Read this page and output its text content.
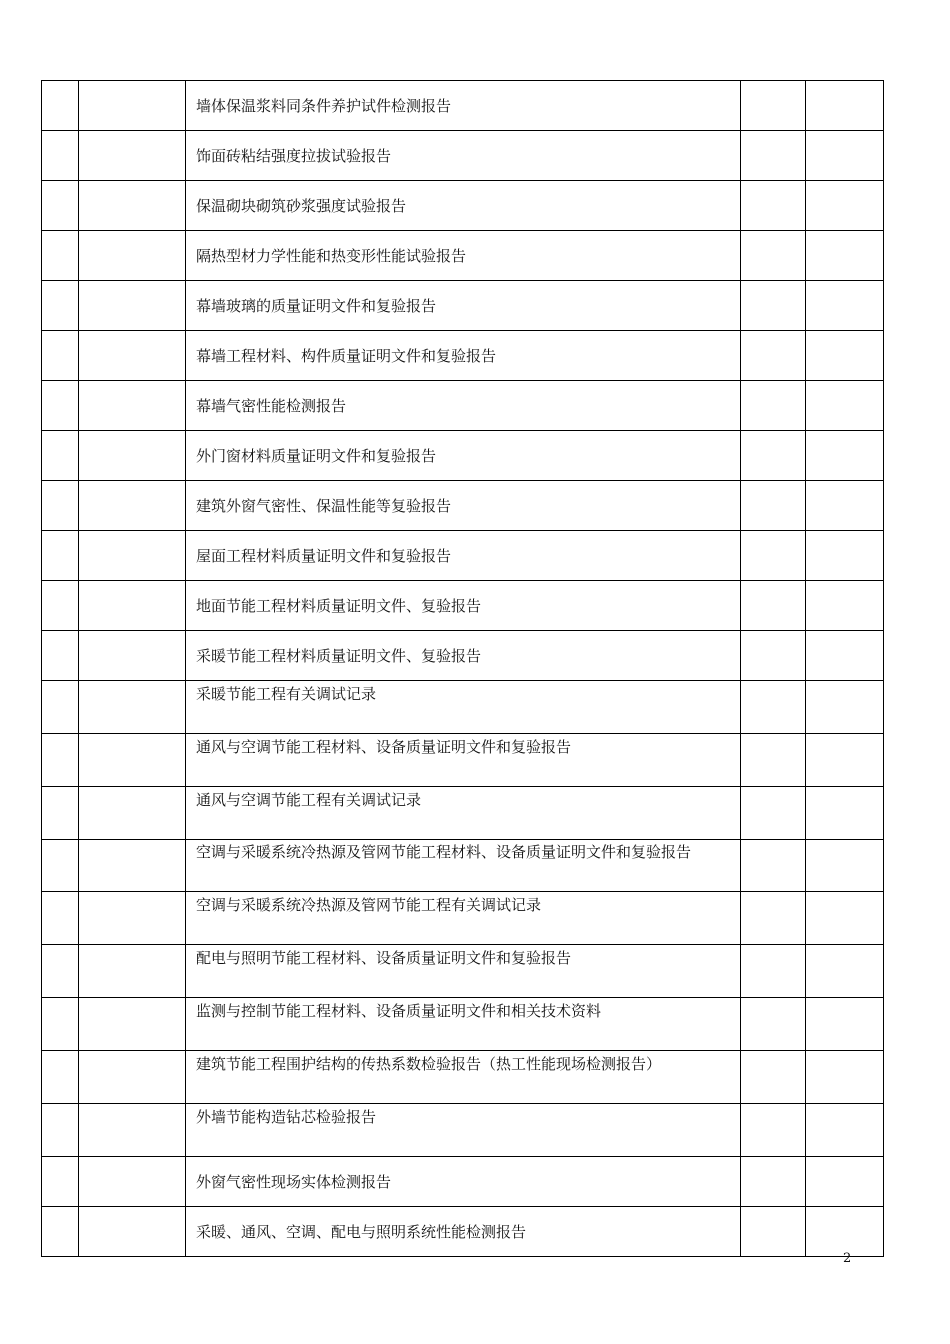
		墙体保温浆料同条件养护试件检测报告		
		饰面砖粘结强度拉拔试验报告		
		保温砌块砌筑砂浆强度试验报告		
		隔热型材力学性能和热变形性能试验报告		
		幕墙玻璃的质量证明文件和复验报告		
		幕墙工程材料、构件质量证明文件和复验报告		
		幕墙气密性能检测报告		
		外门窗材料质量证明文件和复验报告		
		建筑外窗气密性、保温性能等复验报告		
		屋面工程材料质量证明文件和复验报告		
		地面节能工程材料质量证明文件、复验报告		
		采暖节能工程材料质量证明文件、复验报告		
		采暖节能工程有关调试记录		
		通风与空调节能工程材料、设备质量证明文件和复验报告		
		通风与空调节能工程有关调试记录		
		空调与采暖系统冷热源及管网节能工程材料、设备质量证明文件和复验报告		
		空调与采暖系统冷热源及管网节能工程有关调试记录		
		配电与照明节能工程材料、设备质量证明文件和复验报告		
		监测与控制节能工程材料、设备质量证明文件和相关技术资料		
		建筑节能工程围护结构的传热系数检验报告（热工性能现场检测报告）		
		外墙节能构造钻芯检验报告		
		外窗气密性现场实体检测报告		
		采暖、通风、空调、配电与照明系统性能检测报告		
2
